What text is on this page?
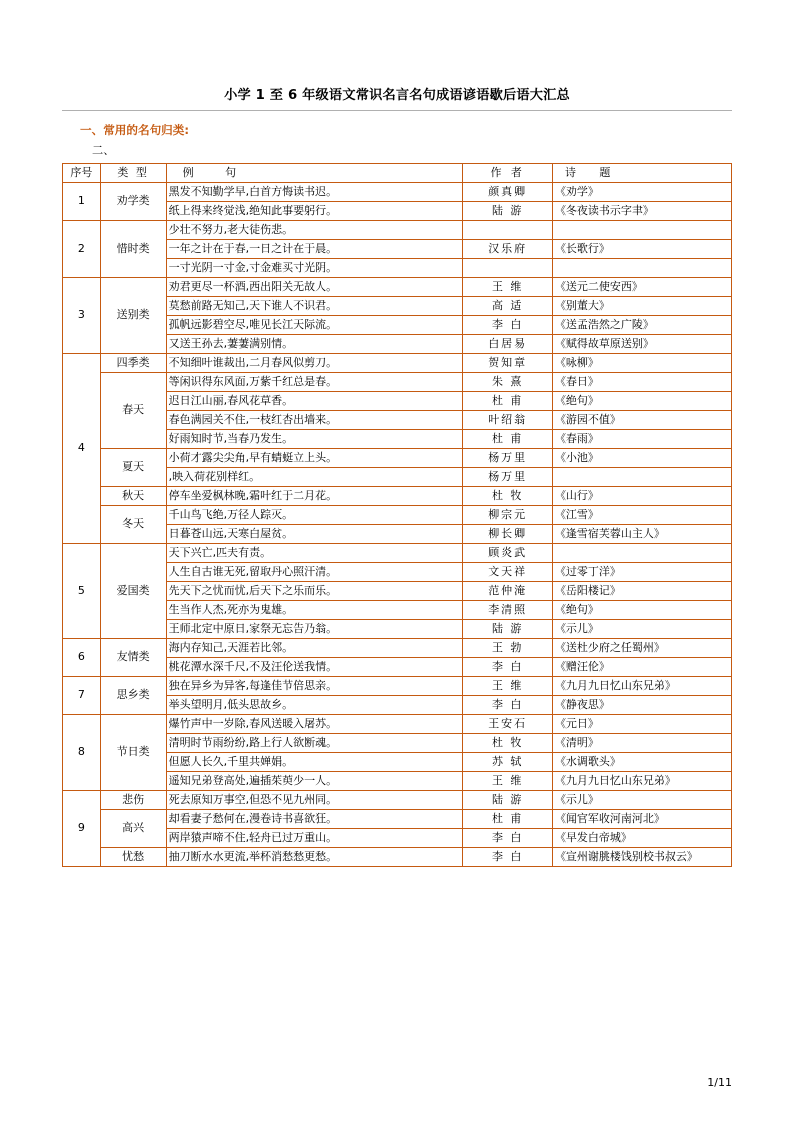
小学 1 至 6 年级语文常识名言名句成语谚语歇后语大汇总
一、常用的名句归类:
二、
序号	类 型	例 句	作 者	诗 题
1	劝学类	黑发不知勤学早,白首方悔读书迟。	颜真卿	《劝学》
		纸上得来终觉浅,绝知此事要躬行。	陆 游	《冬夜读书示字聿》
2	惜时类	少壮不努力,老大徒伤悲。		
		一年之计在于春,一日之计在于晨。	汉乐府	《长歌行》
		一寸光阴一寸金,寸金难买寸光阴。		
3	送别类	劝君更尽一杯酒,西出阳关无故人。	王 维	《送元二使安西》
		莫愁前路无知己,天下谁人不识君。	高 适	《别董大》
		孤帆远影碧空尽,唯见长江天际流。	李 白	《送孟浩然之广陵》
		又送王孙去,萋萋满别情。	白居易	《赋得故草原送别》
4	四季类	不知细叶谁裁出,二月春风似剪刀。	贺知章	《咏柳》
	春天	等闲识得东风面,万紫千红总是春。	朱 熹	《春日》
		迟日江山丽,春风花草香。	杜 甫	《绝句》
		春色满园关不住,一枝红杏出墙来。	叶绍翁	《游园不值》
		好雨知时节,当春乃发生。	杜 甫	《春雨》
	夏天	小荷才露尖尖角,早有蜻蜓立上头。	杨万里	《小池》
		,映入荷花别样红。	杨万里	
	秋天	停车坐爱枫林晚,霜叶红于二月花。	杜 牧	《山行》
	冬天	千山鸟飞绝,万径人踪灭。	柳宗元	《江雪》
		日暮苍山远,天寒白屋贫。	柳长卿	《逢雪宿芙蓉山主人》
5	爱国类	天下兴亡,匹夫有责。	顾炎武	
		人生自古谁无死,留取丹心照汗清。	文天祥	《过零丁洋》
		先天下之忧而忧,后天下之乐而乐。	范仲淹	《岳阳楼记》
		生当作人杰,死亦为鬼雄。	李清照	《绝句》
		王师北定中原日,家祭无忘告乃翁。	陆 游	《示儿》
6	友情类	海内存知己,天涯若比邻。	王 勃	《送杜少府之任蜀州》
		桃花潭水深千尺,不及汪伦送我情。	李 白	《赠汪伦》
7	思乡类	独在异乡为异客,每逢佳节倍思亲。	王 维	《九月九日忆山东兄弟》
		举头望明月,低头思故乡。	李 白	《静夜思》
8	节日类	爆竹声中一岁除,春风送暖入屠苏。	王安石	《元日》
		清明时节雨纷纷,路上行人欲断魂。	杜 牧	《清明》
		但愿人长久,千里共婵娟。	苏 轼	《水调歌头》
		遥知兄弟登高处,遍插茱萸少一人。	王 维	《九月九日忆山东兄弟》
9	悲伤	死去原知万事空,但恐不见九州同。	陆 游	《示儿》
	高兴	却看妻子愁何在,漫卷诗书喜欲狂。	杜 甫	《闻官军收河南河北》
		两岸猿声啼不住,轻舟已过万重山。	李 白	《早发白帝城》
	忧愁	抽刀断水水更流,举杯消愁愁更愁。	李 白	《宣州谢朓楼饯别校书叔云》
1/11
